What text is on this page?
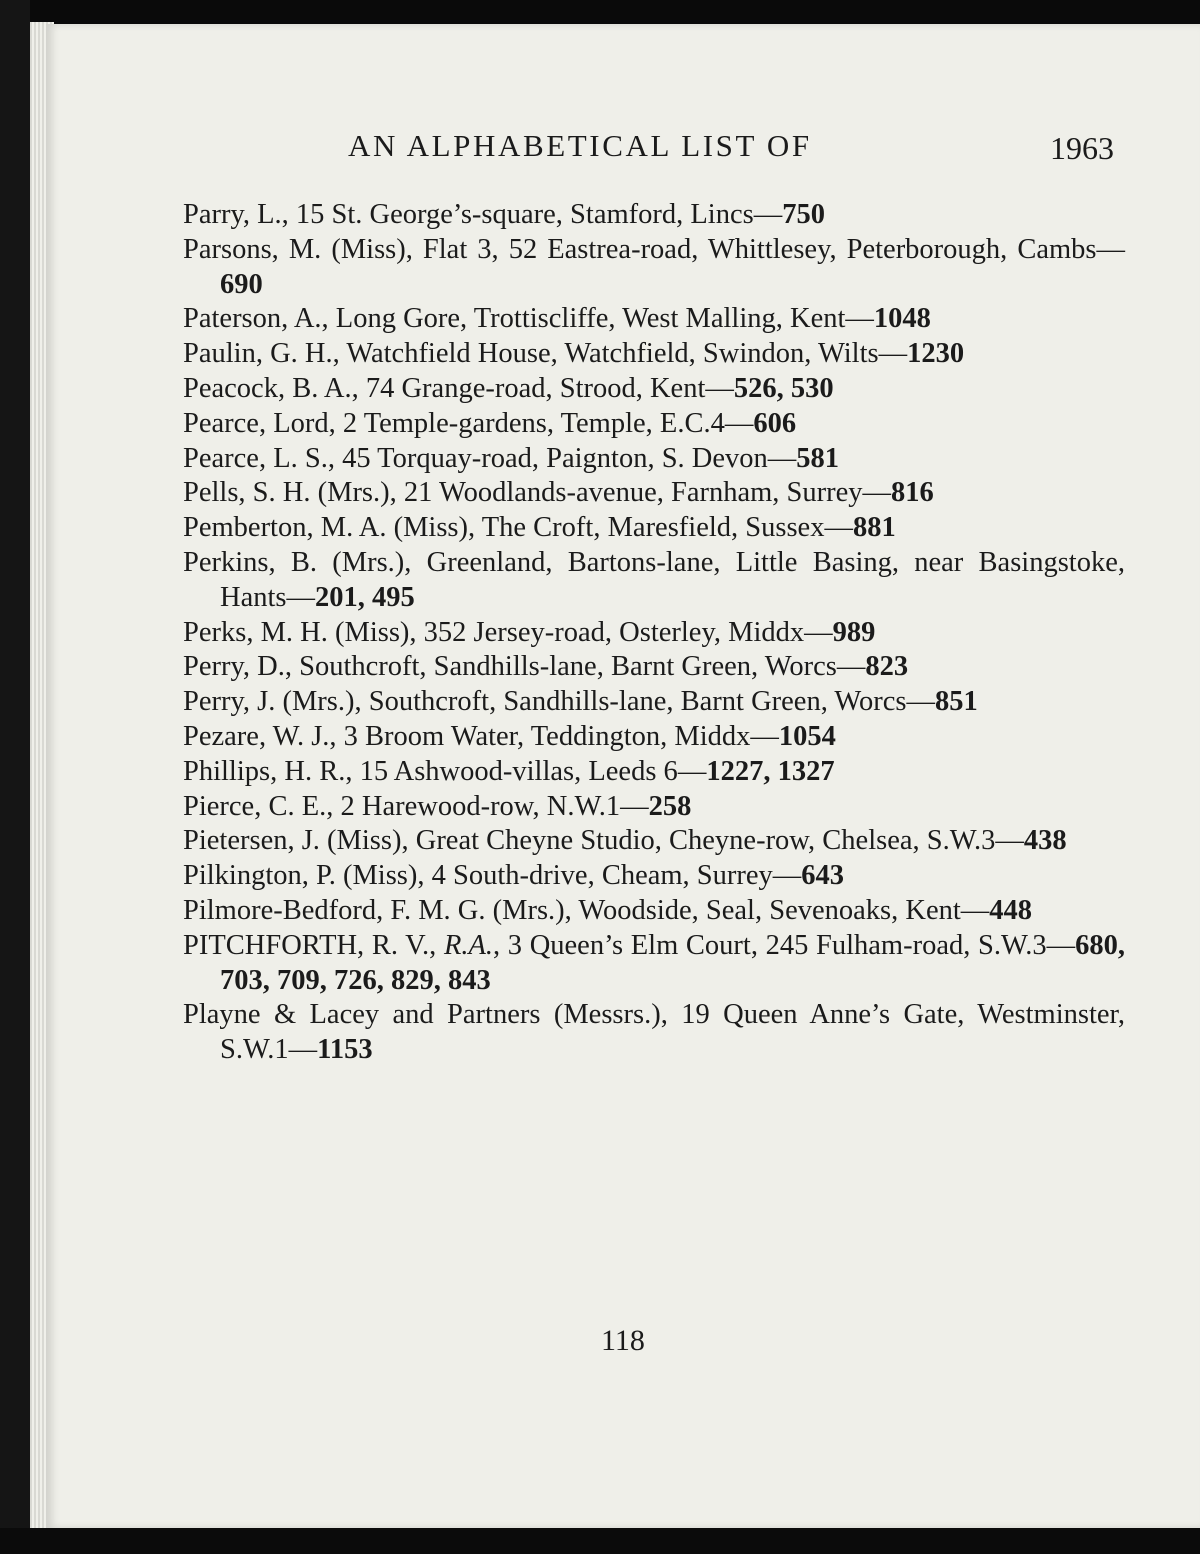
AN ALPHABETICAL LIST OF	1963

Parry, L., 15 St. George’s-square, Stamford, Lincs—750

Parsons, M. (Miss), Flat 3, 52 Eastrea-road, Whittlesey, Peterborough, Cambs—690

Paterson, A., Long Gore, Trottiscliffe, West Malling, Kent—1048

Paulin, G. H., Watchfield House, Watchfield, Swindon, Wilts—1230

Peacock, B. A., 74 Grange-road, Strood, Kent—526, 530

Pearce, Lord, 2 Temple-gardens, Temple, E.C.4—606

Pearce, L. S., 45 Torquay-road, Paignton, S. Devon—581

Pells, S. H. (Mrs.), 21 Woodlands-avenue, Farnham, Surrey—816

Pemberton, M. A. (Miss), The Croft, Maresfield, Sussex—881

Perkins, B. (Mrs.), Greenland, Bartons-lane, Little Basing, near Basingstoke, Hants—201, 495

Perks, M. H. (Miss), 352 Jersey-road, Osterley, Middx—989

Perry, D., Southcroft, Sandhills-lane, Barnt Green, Worcs—823

Perry, J. (Mrs.), Southcroft, Sandhills-lane, Barnt Green, Worcs—851

Pezare, W. J., 3 Broom Water, Teddington, Middx—1054

Phillips, H. R., 15 Ashwood-villas, Leeds 6—1227, 1327

Pierce, C. E., 2 Harewood-row, N.W.1—258

Pietersen, J. (Miss), Great Cheyne Studio, Cheyne-row, Chelsea, S.W.3—438

Pilkington, P. (Miss), 4 South-drive, Cheam, Surrey—643

Pilmore-Bedford, F. M. G. (Mrs.), Woodside, Seal, Sevenoaks, Kent—448

PITCHFORTH, R. V., R.A., 3 Queen’s Elm Court, 245 Fulham-road, S.W.3—680, 703, 709, 726, 829, 843

Playne & Lacey and Partners (Messrs.), 19 Queen Anne’s Gate, Westminster, S.W.1—1153

118
